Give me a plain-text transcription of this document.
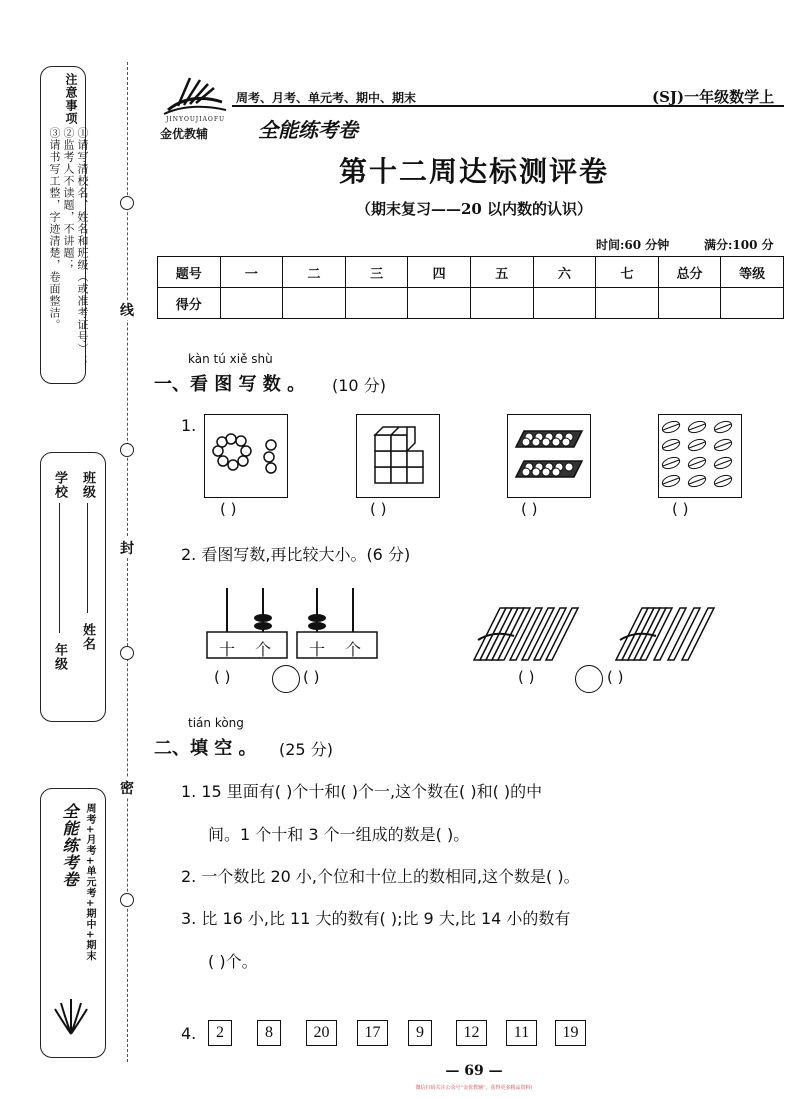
注意事项
①请写清校名、姓名和班级（或准考证号）；
②监考人不读题，不讲题；
③请书写工整，字迹清楚，卷面整洁。
学校
年级
班级
姓名
周考+月考+单元考+期中+期末
全能练考卷
线
封
密
JINYOUJIAOFU
金优教辅
周考、月考、单元考、期中、期末	(SJ)一年级数学上
全能练考卷
第十二周达标测评卷
（期末复习——20 以内数的认识）
时间:60 分钟	满分:100 分
题号	一	二	三	四	五	六	七	总分	等级
得分									
kàn tú xiě shù
一、看 图 写 数 。 (10 分)
1.
( )	( )	( )	( )
2. 看图写数,再比较大小。(6 分)
十 个 十 个
( )	( )	( )	( )
tián kòng
二、填 空 。 (25 分)
1. 15 里面有( )个十和( )个一,这个数在( )和( )的中
间。1 个十和 3 个一组成的数是( )。
2. 一个数比 20 小,个位和十位上的数相同,这个数是( )。
3. 比 16 小,比 11 大的数有( );比 9 大,比 14 小的数有
( )个。
4.	2	8	20	17	9	12	11	19
— 69 —
微信扫码关注公众号“金优教辅”，获得更多精品资料!
